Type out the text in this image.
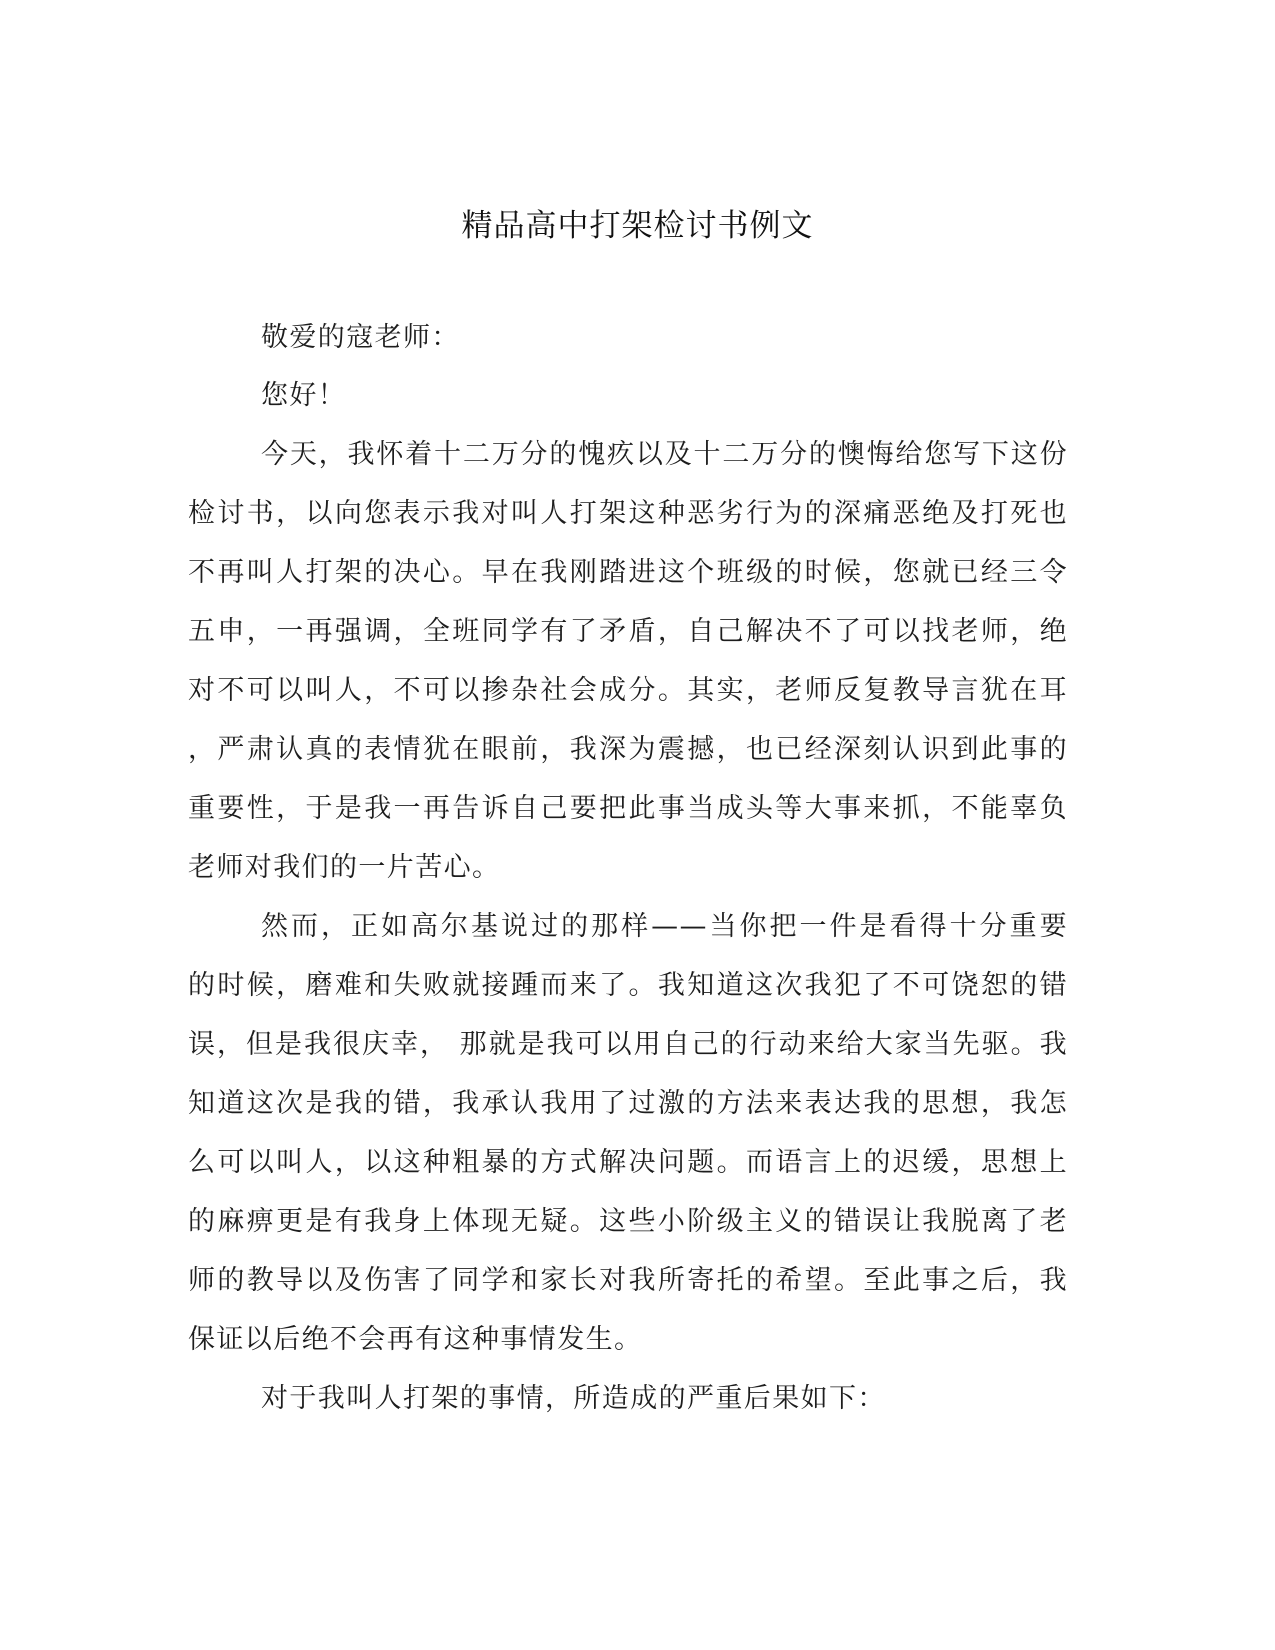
精品高中打架检讨书例文
敬爱的寇老师：
您好！
今天，我怀着十二万分的愧疚以及十二万分的懊悔给您写下这份
检讨书，以向您表示我对叫人打架这种恶劣行为的深痛恶绝及打死也
不再叫人打架的决心。早在我刚踏进这个班级的时候，您就已经三令
五申，一再强调，全班同学有了矛盾，自己解决不了可以找老师，绝
对不可以叫人，不可以掺杂社会成分。其实，老师反复教导言犹在耳
，严肃认真的表情犹在眼前，我深为震撼，也已经深刻认识到此事的
重要性，于是我一再告诉自己要把此事当成头等大事来抓，不能辜负
老师对我们的一片苦心。
然而，正如高尔基说过的那样——当你把一件是看得十分重要
的时候，磨难和失败就接踵而来了。我知道这次我犯了不可饶恕的错
误，但是我很庆幸， 那就是我可以用自己的行动来给大家当先驱。我
知道这次是我的错，我承认我用了过激的方法来表达我的思想，我怎
么可以叫人，以这种粗暴的方式解决问题。而语言上的迟缓，思想上
的麻痹更是有我身上体现无疑。这些小阶级主义的错误让我脱离了老
师的教导以及伤害了同学和家长对我所寄托的希望。至此事之后，我
保证以后绝不会再有这种事情发生。
对于我叫人打架的事情，所造成的严重后果如下：
